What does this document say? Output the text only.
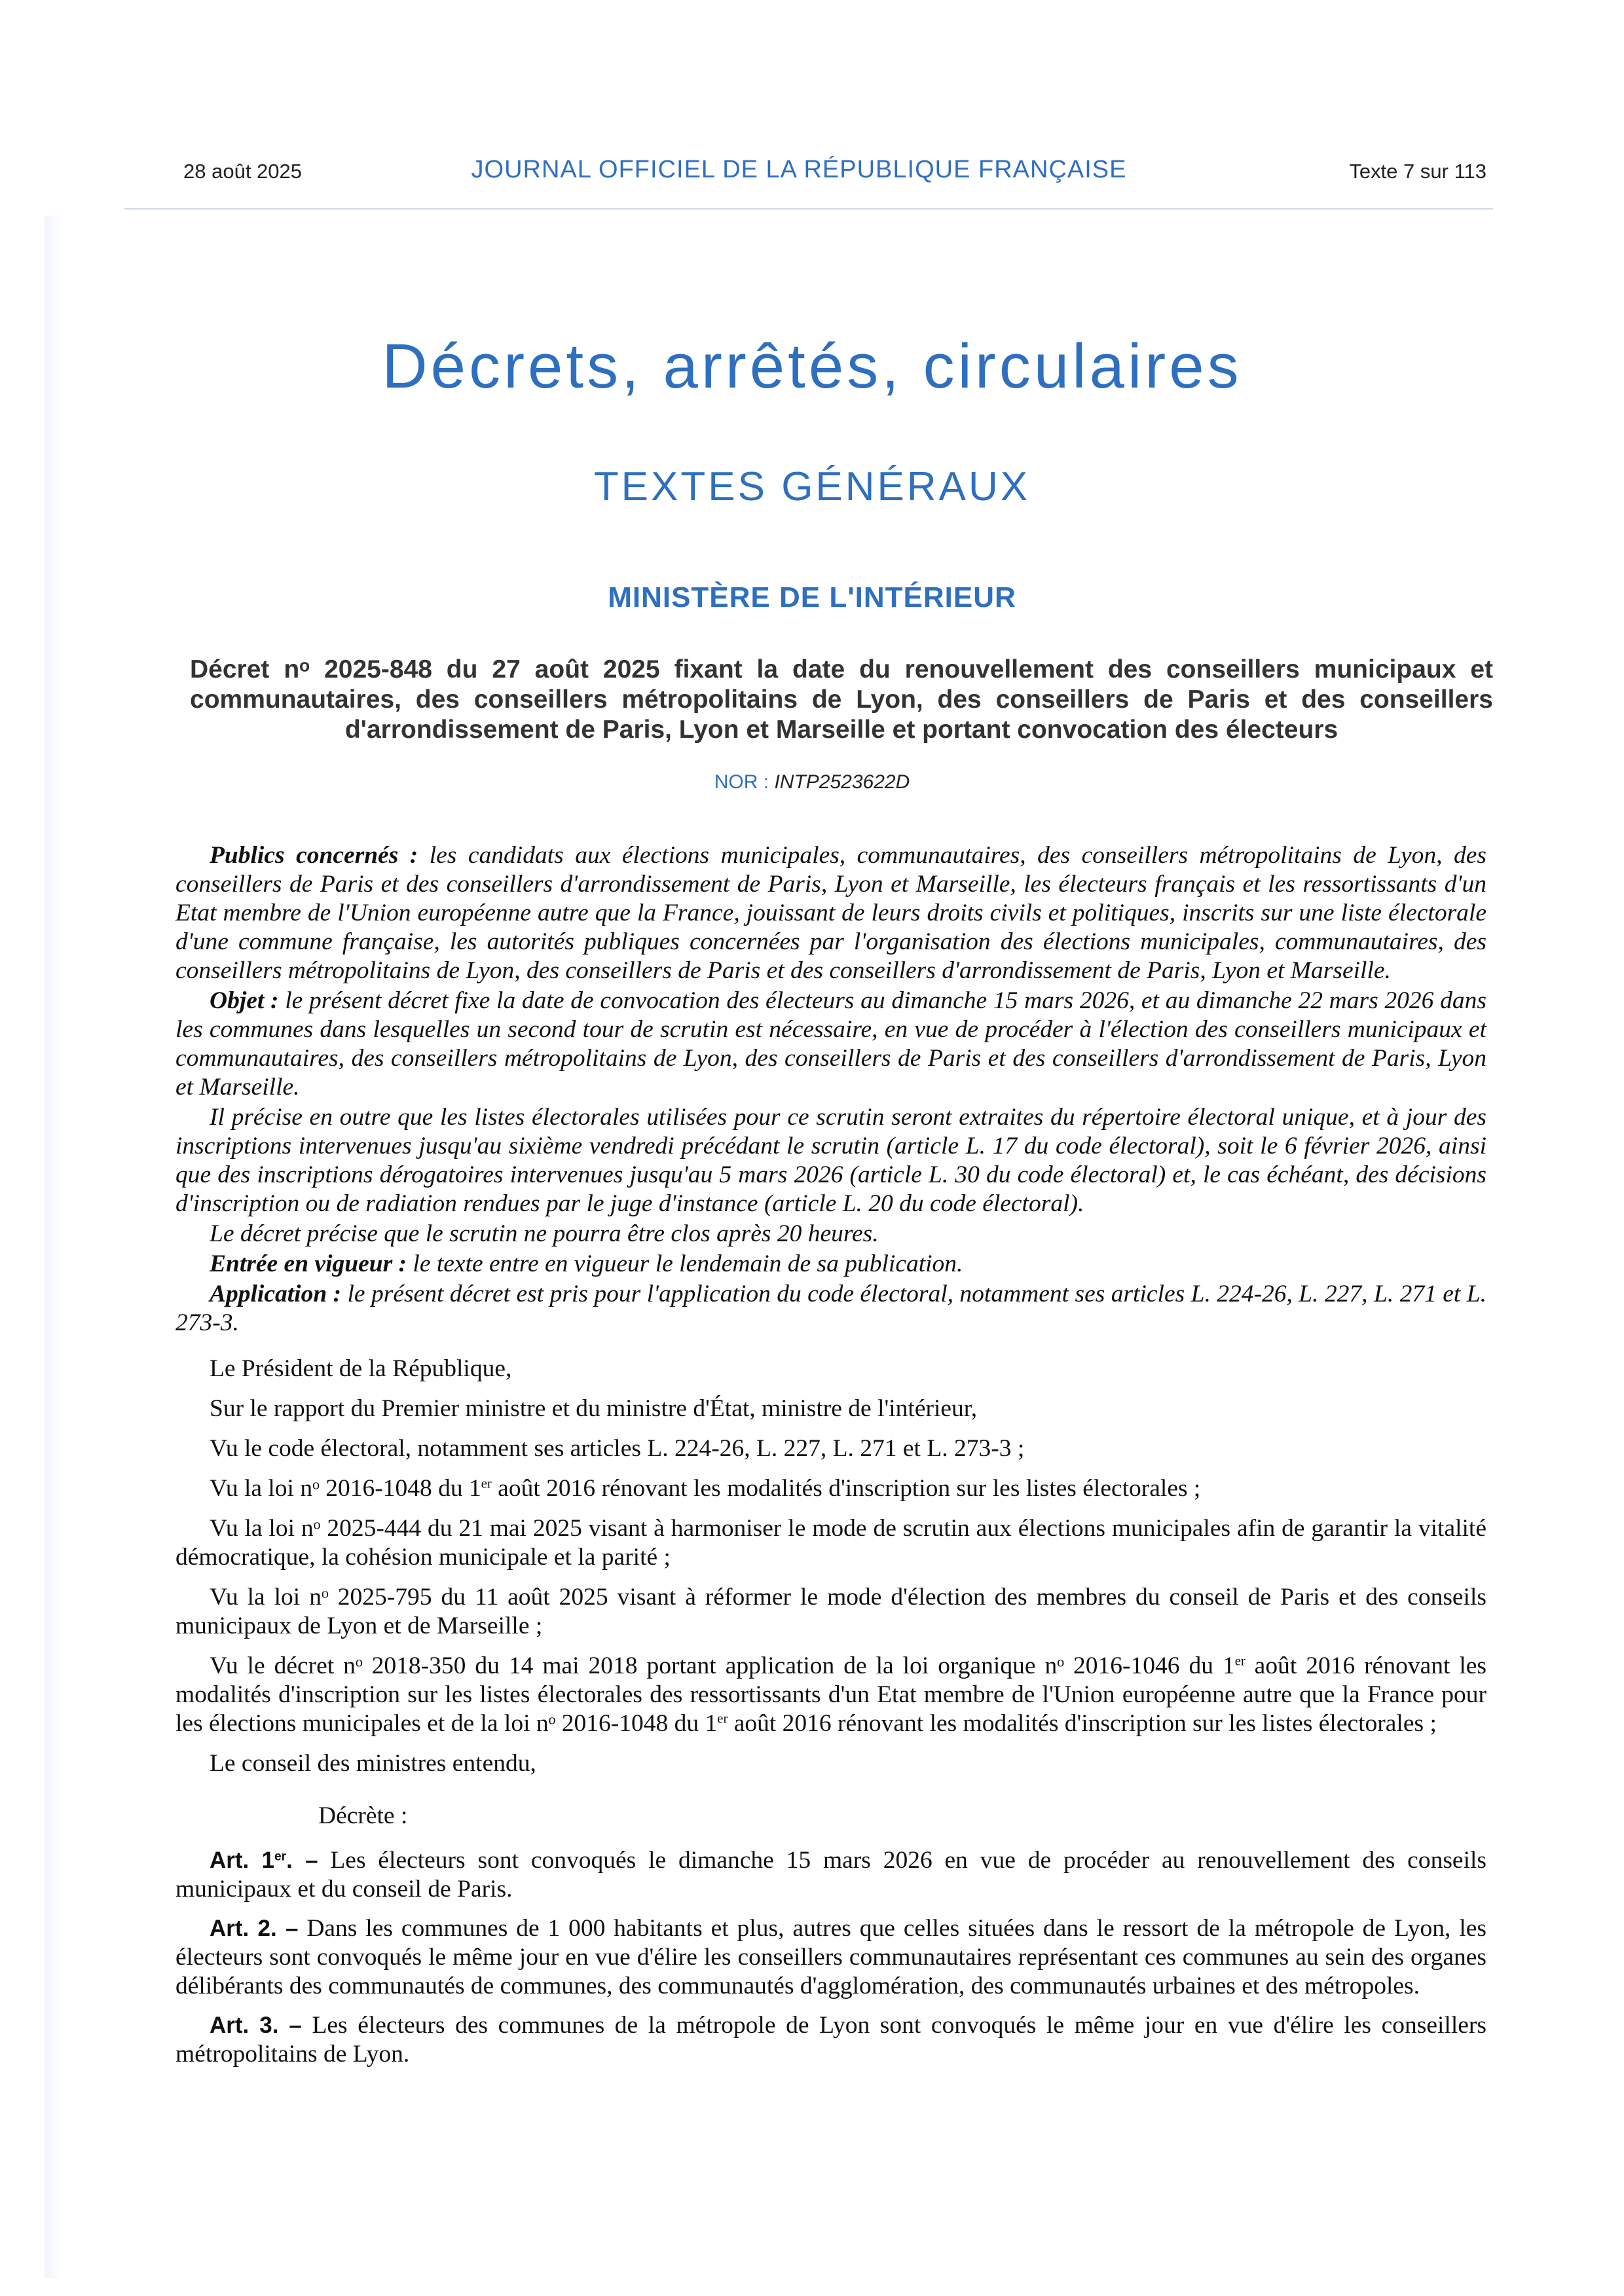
28 août 2025	JOURNAL OFFICIEL DE LA RÉPUBLIQUE FRANÇAISE	Texte 7 sur 113
Décrets, arrêtés, circulaires
TEXTES GÉNÉRAUX
MINISTÈRE DE L'INTÉRIEUR
Décret nᵒ 2025-848 du 27 août 2025 fixant la date du renouvellement des conseillers municipaux et communautaires, des conseillers métropolitains de Lyon, des conseillers de Paris et des conseillers d'arrondissement de Paris, Lyon et Marseille et portant convocation des électeurs
NOR : INTP2523622D

Publics concernés : les candidats aux élections municipales, communautaires, des conseillers métropolitains de Lyon, des conseillers de Paris et des conseillers d'arrondissement de Paris, Lyon et Marseille, les électeurs français et les ressortissants d'un Etat membre de l'Union européenne autre que la France, jouissant de leurs droits civils et politiques, inscrits sur une liste électorale d'une commune française, les autorités publiques concernées par l'organisation des élections municipales, communautaires, des conseillers métropolitains de Lyon, des conseillers de Paris et des conseillers d'arrondissement de Paris, Lyon et Marseille.

Objet : le présent décret fixe la date de convocation des électeurs au dimanche 15 mars 2026, et au dimanche 22 mars 2026 dans les communes dans lesquelles un second tour de scrutin est nécessaire, en vue de procéder à l'élection des conseillers municipaux et communautaires, des conseillers métropolitains de Lyon, des conseillers de Paris et des conseillers d'arrondissement de Paris, Lyon et Marseille.

Il précise en outre que les listes électorales utilisées pour ce scrutin seront extraites du répertoire électoral unique, et à jour des inscriptions intervenues jusqu'au sixième vendredi précédant le scrutin (article L. 17 du code électoral), soit le 6 février 2026, ainsi que des inscriptions dérogatoires intervenues jusqu'au 5 mars 2026 (article L. 30 du code électoral) et, le cas échéant, des décisions d'inscription ou de radiation rendues par le juge d'instance (article L. 20 du code électoral).

Le décret précise que le scrutin ne pourra être clos après 20 heures.

Entrée en vigueur : le texte entre en vigueur le lendemain de sa publication.

Application : le présent décret est pris pour l'application du code électoral, notamment ses articles L. 224-26, L. 227, L. 271 et L. 273-3.

Le Président de la République,

Sur le rapport du Premier ministre et du ministre d'État, ministre de l'intérieur,

Vu le code électoral, notamment ses articles L. 224-26, L. 227, L. 271 et L. 273-3 ;

Vu la loi nᵒ 2016-1048 du 1er août 2016 rénovant les modalités d'inscription sur les listes électorales ;

Vu la loi nᵒ 2025-444 du 21 mai 2025 visant à harmoniser le mode de scrutin aux élections municipales afin de garantir la vitalité démocratique, la cohésion municipale et la parité ;

Vu la loi nᵒ 2025-795 du 11 août 2025 visant à réformer le mode d'élection des membres du conseil de Paris et des conseils municipaux de Lyon et de Marseille ;

Vu le décret nᵒ 2018-350 du 14 mai 2018 portant application de la loi organique nᵒ 2016-1046 du 1er août 2016 rénovant les modalités d'inscription sur les listes électorales des ressortissants d'un Etat membre de l'Union européenne autre que la France pour les élections municipales et de la loi nᵒ 2016-1048 du 1er août 2016 rénovant les modalités d'inscription sur les listes électorales ;

Le conseil des ministres entendu,

Décrète :

Art. 1er. – Les électeurs sont convoqués le dimanche 15 mars 2026 en vue de procéder au renouvellement des conseils municipaux et du conseil de Paris.

Art. 2. – Dans les communes de 1 000 habitants et plus, autres que celles situées dans le ressort de la métropole de Lyon, les électeurs sont convoqués le même jour en vue d'élire les conseillers communautaires représentant ces communes au sein des organes délibérants des communautés de communes, des communautés d'agglomération, des communautés urbaines et des métropoles.

Art. 3. – Les électeurs des communes de la métropole de Lyon sont convoqués le même jour en vue d'élire les conseillers métropolitains de Lyon.
